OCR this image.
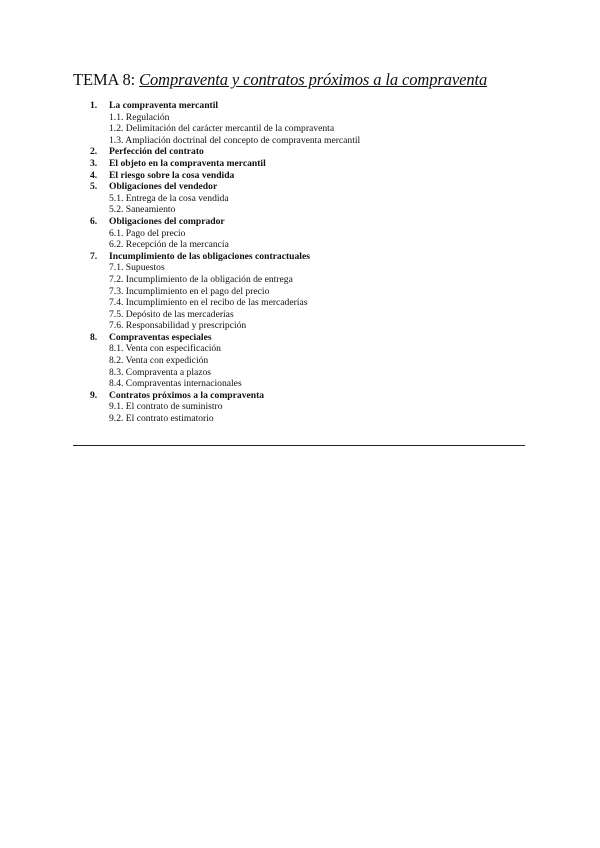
TEMA 8: Compraventa y contratos próximos a la compraventa
1. La compraventa mercantil
1.1. Regulación
1.2. Delimitación del carácter mercantil de la compraventa
1.3. Ampliación doctrinal del concepto de compraventa mercantil
2. Perfección del contrato
3. El objeto en la compraventa mercantil
4. El riesgo sobre la cosa vendida
5. Obligaciones del vendedor
5.1. Entrega de la cosa vendida
5.2. Saneamiento
6. Obligaciones del comprador
6.1. Pago del precio
6.2. Recepción de la mercancía
7. Incumplimiento de las obligaciones contractuales
7.1. Supuestos
7.2. Incumplimiento de la obligación de entrega
7.3. Incumplimiento en el pago del precio
7.4. Incumplimiento en el recibo de las mercaderías
7.5. Depósito de las mercaderías
7.6. Responsabilidad y prescripción
8. Compraventas especiales
8.1. Venta con especificación
8.2. Venta con expedición
8.3. Compraventa a plazos
8.4. Compraventas internacionales
9. Contratos próximos a la compraventa
9.1. El contrato de suministro
9.2. El contrato estimatorio
